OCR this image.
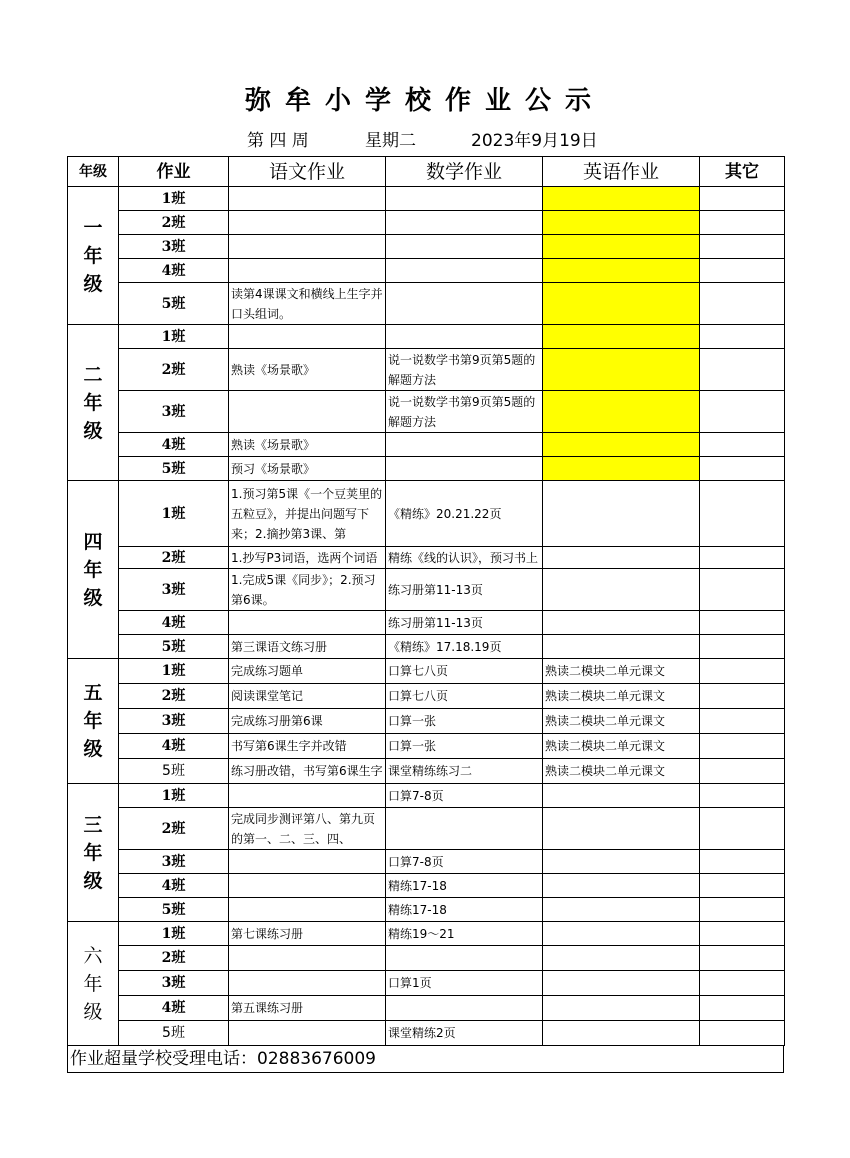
弥牟小学校作业公示
第 四 周	星期二	2023年9月19日
年级	作业	语文作业	数学作业	英语作业	其它

一
年
级	1班	

	2班	

	3班	

	4班	

	5班	读第4课课文和横线上生字并口头组词。			

二
年
级	1班	

	2班	熟读《场景歌》	说一说数学书第9页第5题的解题方法		

	3班		说一说数学书第9页第5题的解题方法		

	4班	熟读《场景歌》			

	5班	预习《场景歌》			

四
年
级	1班	1.预习第5课《一个豆荚里的五粒豆》，并提出问题写下来；2.摘抄第3课、第	《精练》20.21.22页		

	2班	1.抄写P3词语，选两个词语	精练《线的认识》，预习书上		

	3班	1.完成5课《同步》；2.预习第6课。	练习册第11-13页		

	4班		练习册第11-13页		

	5班	第三课语文练习册	《精练》17.18.19页		

五
年
级	1班	完成练习题单	口算七八页	熟读二模块二单元课文	

	2班	阅读课堂笔记	口算七八页	熟读二模块二单元课文	

	3班	完成练习册第6课	口算一张	熟读二模块二单元课文	

	4班	书写第6课生字并改错	口算一张	熟读二模块二单元课文	

	5班	练习册改错，书写第6课生字	课堂精练练习二	熟读二模块二单元课文	

三
年
级	1班		口算7-8页		

	2班	完成同步测评第八、第九页的第一、二、三、四、			

	3班		口算7-8页		

	4班		精练17-18		

	5班		精练17-18		

六
年
级	1班	第七课练习册	精练19～21		

	2班	

	3班		口算1页		

	4班	第五课练习册			

	5班		课堂精练2页		

作业超量学校受理电话：02883676009
